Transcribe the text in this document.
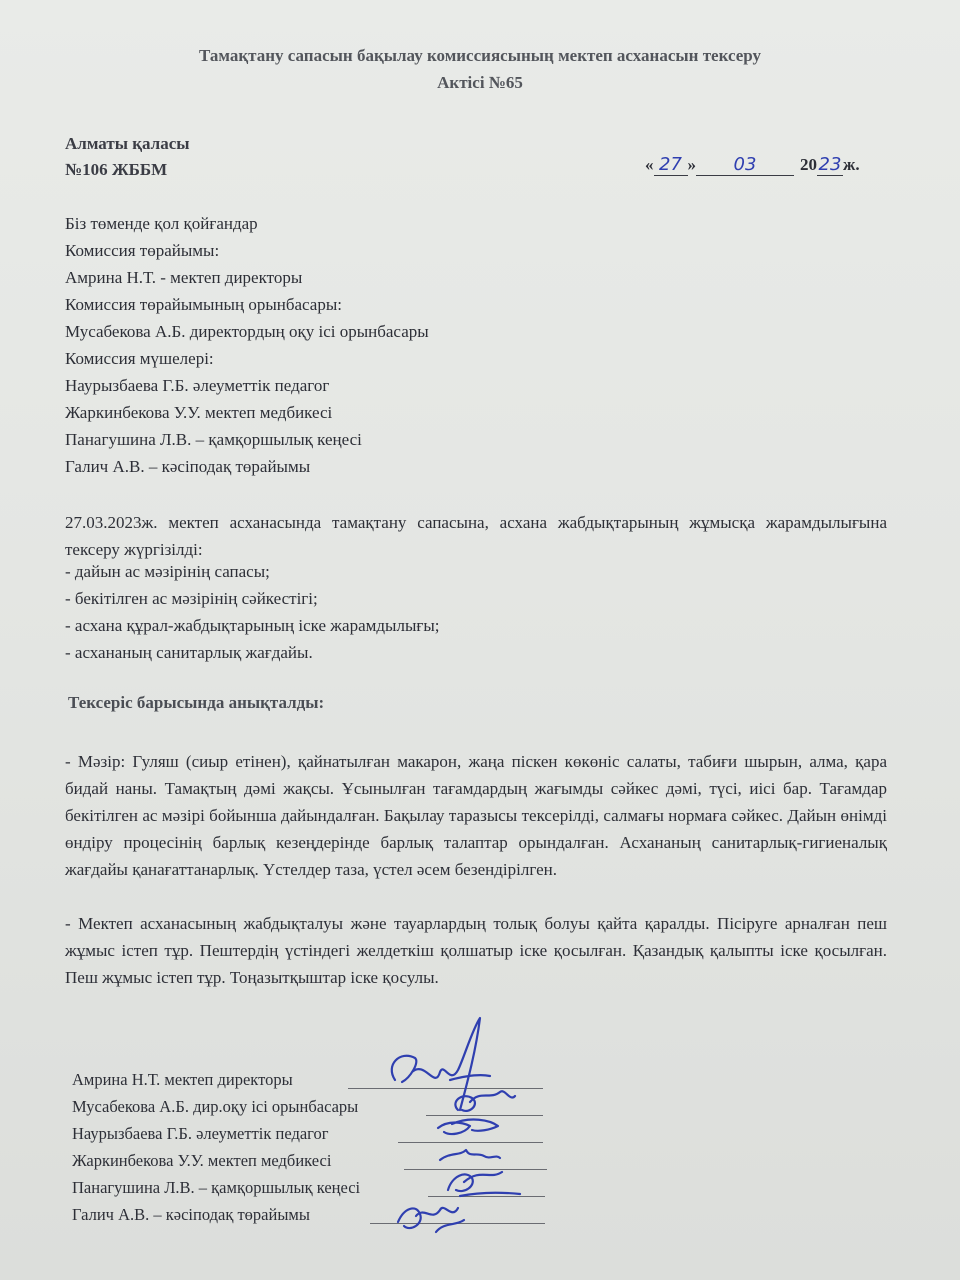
Тамақтану сапасын бақылау комиссиясының мектеп асханасын тексеру
Актісі №65
Алматы қаласы
№106 ЖББМ	« 27 » 03	2023ж.
Біз төменде қол қойғандар
Комиссия төрайымы:
Амрина Н.Т. - мектеп директоры
Комиссия төрайымының орынбасары:
Мусабекова А.Б. директордың оқу ісі орынбасары
Комиссия мүшелері:
Наурызбаева Г.Б. әлеуметтік педагог
Жаркинбекова У.У. мектеп медбикесі
Панагушина Л.В. – қамқоршылық кеңесі
Галич А.В. – кәсіподақ төрайымы
27.03.2023ж. мектеп асханасында тамақтану сапасына, асхана жабдықтарының жұмысқа жарамдылығына тексеру жүргізілді:
- дайын ас мәзірінің сапасы;
- бекітілген ас мәзірінің сәйкестігі;
- асхана құрал-жабдықтарының іске жарамдылығы;
- асхананың санитарлық жағдайы.
Тексеріс барысында анықталды:
- Мәзір: Гуляш (сиыр етінен), қайнатылған макарон, жаңа піскен көкөніс салаты, табиғи шырын, алма, қара бидай наны. Тамақтың дәмі жақсы. Ұсынылған тағамдардың жағымды сәйкес дәмі, түсі, иісі бар. Тағамдар бекітілген ас мәзірі бойынша дайындалған. Бақылау таразысы тексерілді, салмағы нормаға сәйкес. Дайын өнімді өндіру процесінің барлық кезеңдерінде барлық талаптар орындалған. Асхананың санитарлық-гигиеналық жағдайы қанағаттанарлық. Үстелдер таза, үстел әсем безендірілген.
- Мектеп асханасының жабдықталуы және тауарлардың толық болуы қайта қаралды. Пісіруге арналған пеш жұмыс істеп тұр. Пештердің үстіндегі желдеткіш қолшатыр іске қосылған. Қазандық қалыпты іске қосылған. Пеш жұмыс істеп тұр. Тоңазытқыштар іске қосулы.
Амрина Н.Т. мектеп директоры
Мусабекова А.Б. дир.оқу ісі орынбасары
Наурызбаева Г.Б. әлеуметтік педагог
Жаркинбекова У.У. мектеп медбикесі
Панагушина Л.В. – қамқоршылық кеңесі
Галич А.В. – кәсіподақ төрайымы
